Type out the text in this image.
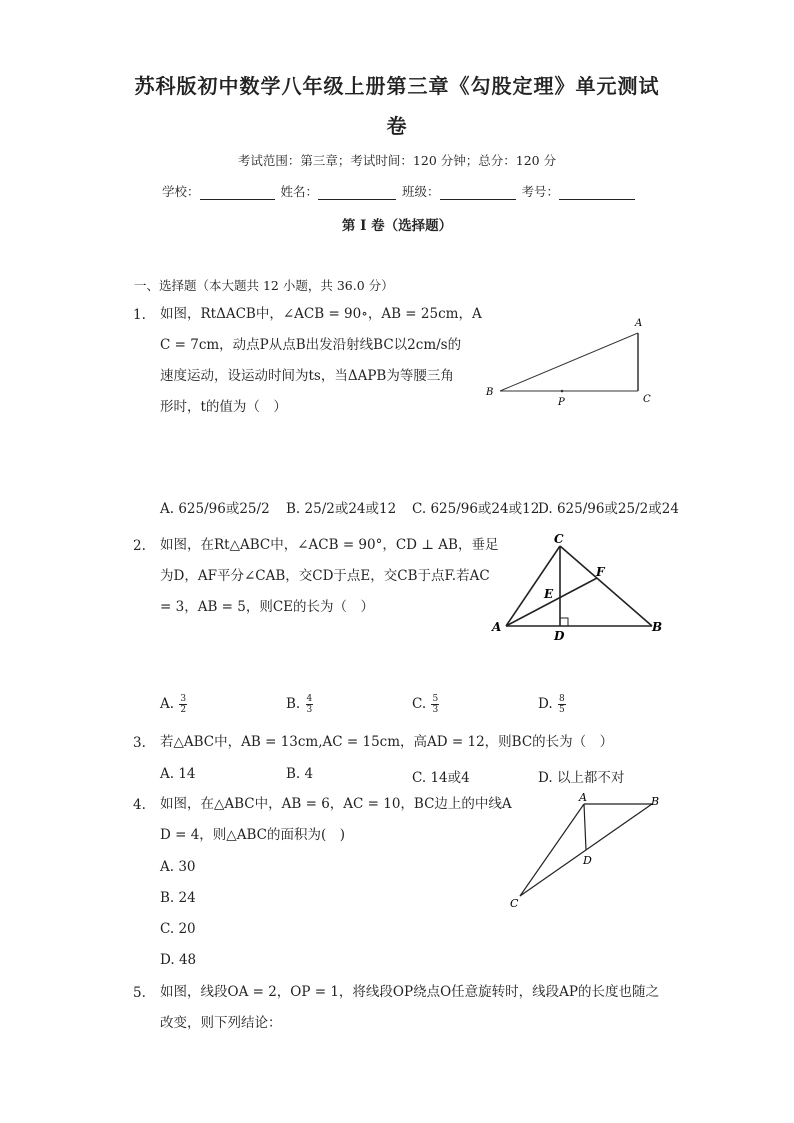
苏科版初中数学八年级上册第三章《勾股定理》单元测试
卷
考试范围：第三章；考试时间：120 分钟；总分：120 分
学校：	姓名：	班级：	考号：
第 I 卷（选择题）
一、选择题（本大题共 12 小题，共 36.0 分）
1. 如图，RtΔACB中，∠ACB = 90∘，AB = 25cm，A
C = 7cm，动点P从点B出发沿射线BC以2cm/s的
速度运动，设运动时间为ts，当ΔAPB为等腰三角
形时，t的值为（　）
A
B
P	C
A. 625/96或25/2 B. 25/2或24或12 C. 625/96或24或12
D. 625/96或25/2或24
2. 如图，在Rt△ABC中，∠ACB = 90°，CD ⊥ AB，垂足
为D，AF平分∠CAB，交CD于点E，交CB于点F.若AC
= 3，AB = 5，则CE的长为（　）
C
F
E
A
D
B
A. $\frac{3}{2}$	B. $\frac{4}{3}$	C. $\frac{5}{3}$	D. $\frac{8}{5}$
3. 若△ABC中，AB = 13cm,AC = 15cm，高AD = 12，则BC的长为（　）
A. 14	B. 4	C. 14或4	D. 以上都不对
4. 如图，在△ABC中，AB = 6，AC = 10，BC边上的中线A
D = 4，则△ABC的面积为(　)
A. 30
B. 24
C. 20
D. 48
A	B
D
C
5. 如图，线段OA = 2，OP = 1，将线段OP绕点O任意旋转时，线段AP的长度也随之
改变，则下列结论：
